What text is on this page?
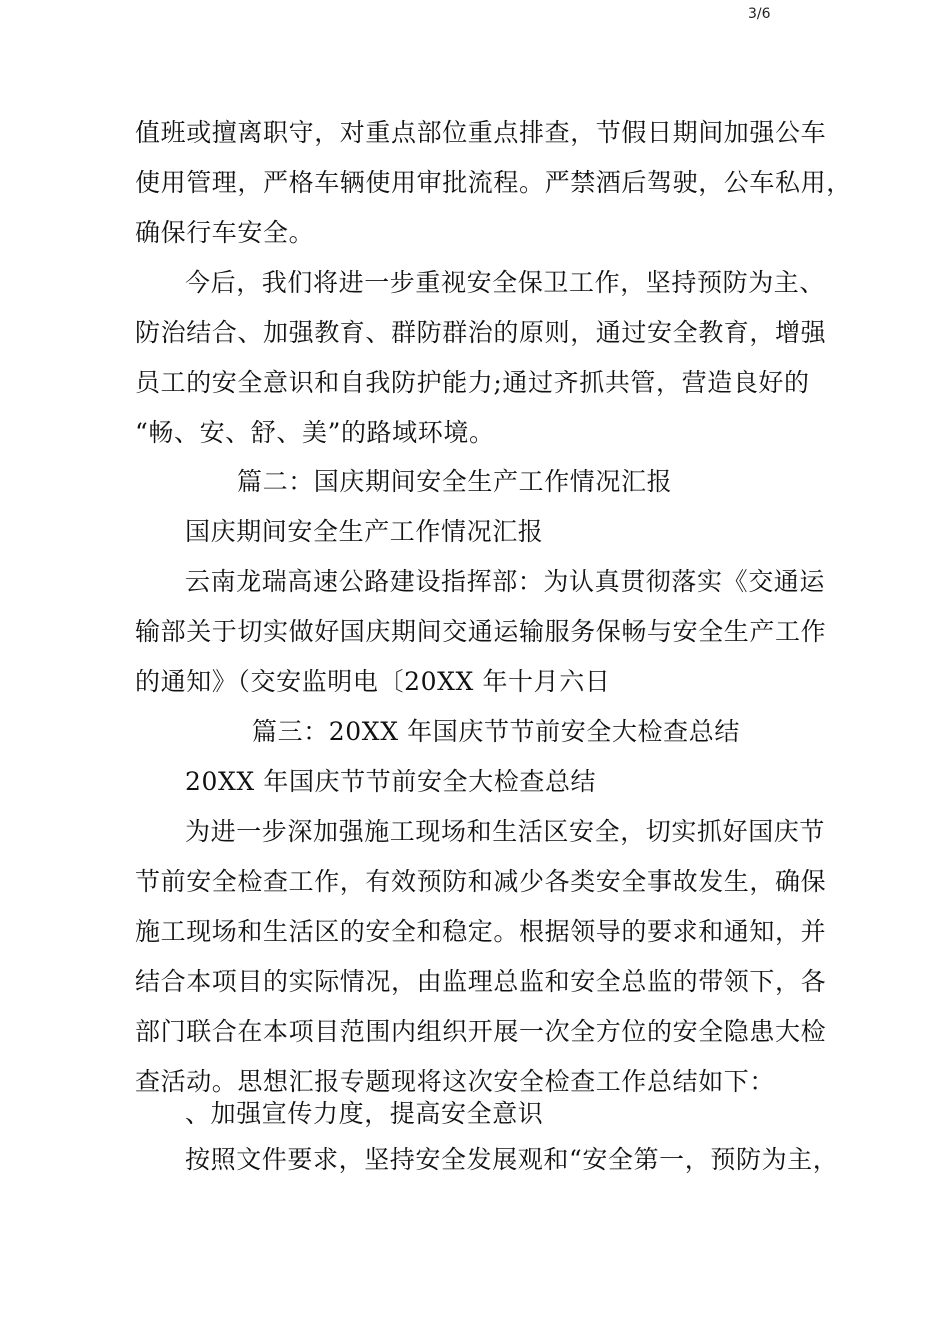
3/6
值班或擅离职守，对重点部位重点排查，节假日期间加强公车
使用管理，严格车辆使用审批流程。严禁酒后驾驶，公车私用，
确保行车安全。
今后，我们将进一步重视安全保卫工作，坚持预防为主、
防治结合、加强教育、群防群治的原则，通过安全教育，增强
员工的安全意识和自我防护能力;通过齐抓共管，营造良好的
“畅、安、舒、美”的路域环境。
篇二：国庆期间安全生产工作情况汇报
国庆期间安全生产工作情况汇报
云南龙瑞高速公路建设指挥部：为认真贯彻落实《交通运
输部关于切实做好国庆期间交通运输服务保畅与安全生产工作
的通知》（交安监明电〔20XX 年十月六日
篇三：20XX 年国庆节节前安全大检查总结
20XX 年国庆节节前安全大检查总结
为进一步深加强施工现场和生活区安全，切实抓好国庆节
节前安全检查工作，有效预防和减少各类安全事故发生，确保
施工现场和生活区的安全和稳定。根据领导的要求和通知，并
结合本项目的实际情况，由监理总监和安全总监的带领下，各
部门联合在本项目范围内组织开展一次全方位的安全隐患大检
查活动。思想汇报专题现将这次安全检查工作总结如下：
、加强宣传力度，提高安全意识
按照文件要求，坚持安全发展观和“安全第一，预防为主，
